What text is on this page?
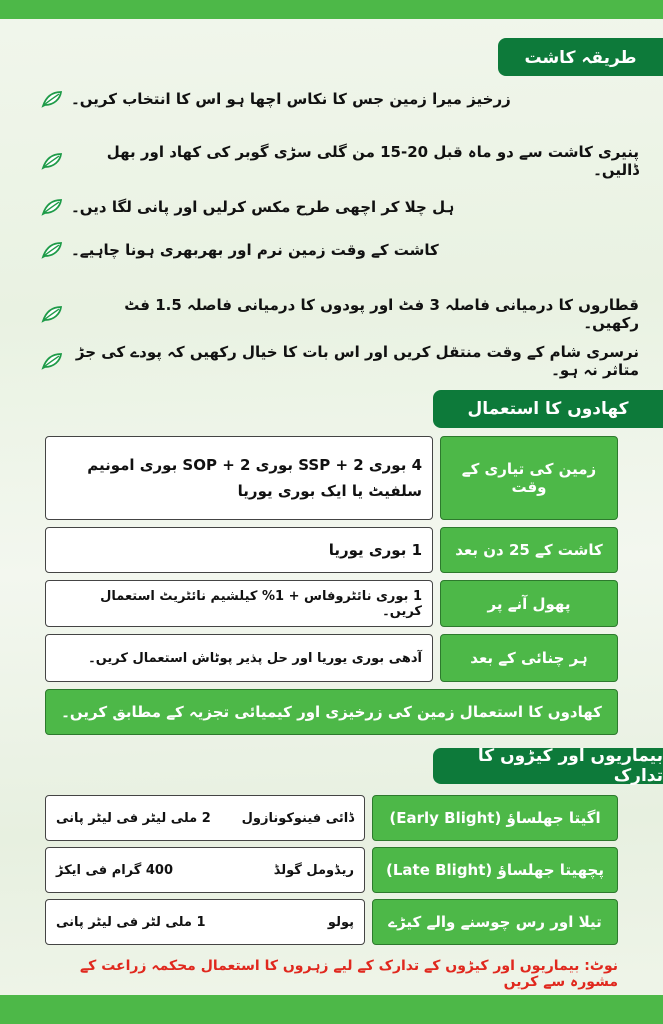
طریقہ کاشت
زرخیز میرا زمین جس کا نکاس اچھا ہو اس کا انتخاب کریں۔
پنیری کاشت سے دو ماہ قبل 20-15 من گلی سڑی گوبر کی کھاد اور بھل ڈالیں۔
ہل چلا کر اچھی طرح مکس کرلیں اور پانی لگا دیں۔
کاشت کے وقت زمین نرم اور بھربھری ہونا چاہیے۔
قطاروں کا درمیانی فاصلہ 3 فٹ اور پودوں کا درمیانی فاصلہ 1.5 فٹ رکھیں۔
نرسری شام کے وقت منتقل کریں اور اس بات کا خیال رکھیں کہ پودے کی جڑ متاثر نہ ہو۔
کھادوں کا استعمال
زمین کی تیاری کے وقت
4 بوری SSP + 2 بوری SOP + 2 بوری امونیم
سلفیٹ یا ایک بوری یوریا
کاشت کے 25 دن بعد
1 بوری یوریا
پھول آنے پر
1 بوری نائٹروفاس + 1% کیلشیم نائٹریٹ استعمال کریں۔
ہر چنائی کے بعد
آدھی بوری یوریا اور حل پذیر پوٹاش استعمال کریں۔
کھادوں کا استعمال زمین کی زرخیزی اور کیمیائی تجزیہ کے مطابق کریں۔
بیماریوں اور کیڑوں کا تدارک
اگیتا جھلساؤ (Early Blight)
ڈائی فینوکونازول
2 ملی لیٹر فی لیٹر پانی
پچھیتا جھلساؤ (Late Blight)
ریڈومل گولڈ
400 گرام فی ایکڑ
تیلا اور رس چوسنے والے کیڑے
پولو
1 ملی لٹر فی لیٹر پانی
نوٹ: بیماریوں اور کیڑوں کے تدارک کے لیے زہروں کا استعمال محکمہ زراعت کے مشورہ سے کریں
